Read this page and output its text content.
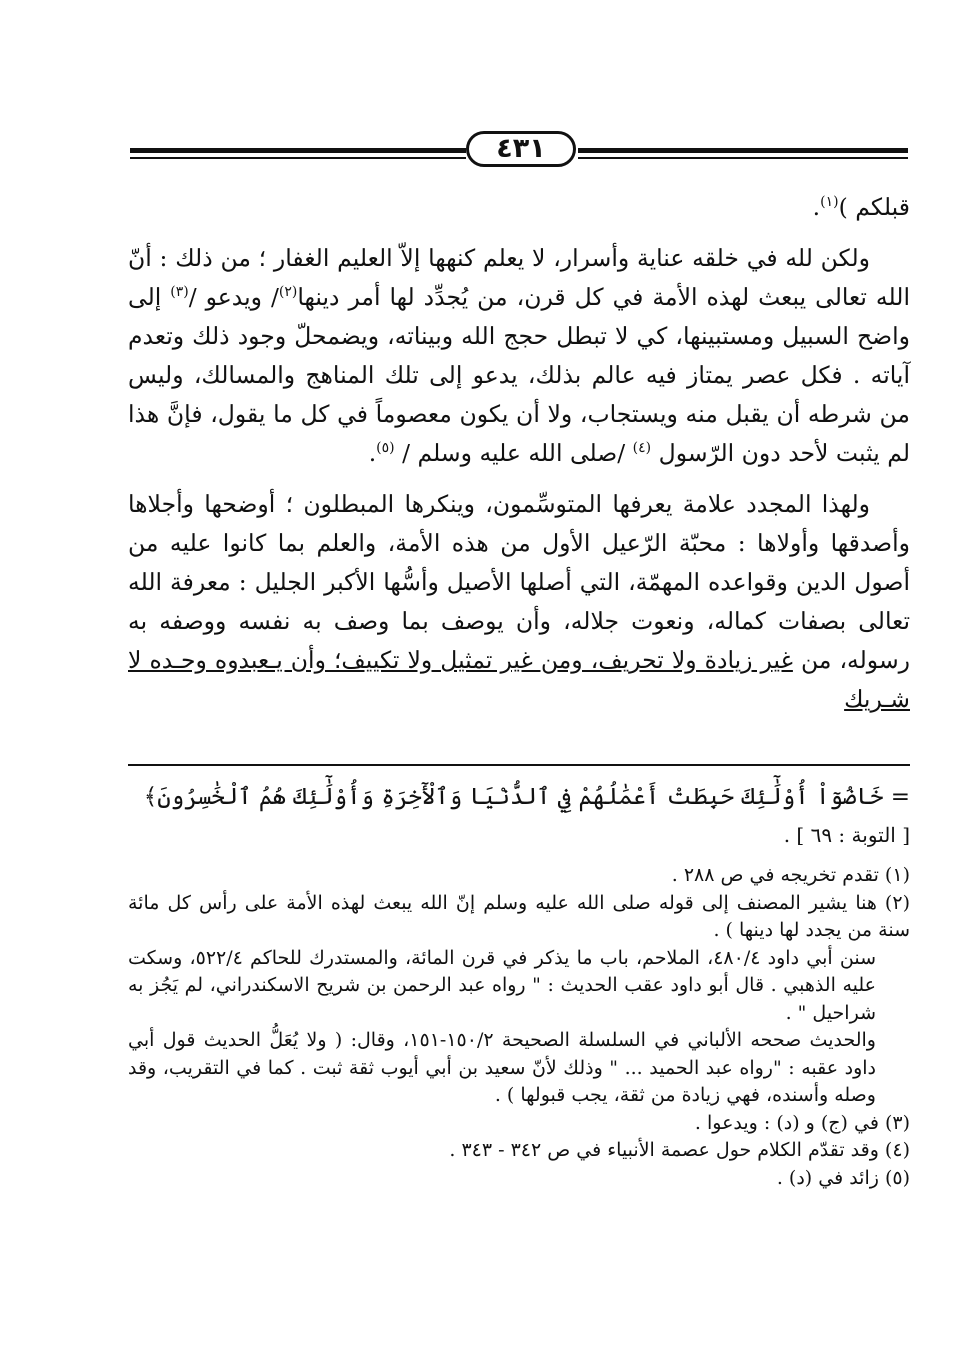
٤٣١

قبلكم )$^{(١)}$.

ولكن لله في خلقه عناية وأسرار، لا يعلم كنهها إلاّ العليم الغفار ؛ من ذلك : أنّ الله تعالى يبعث لهذه الأمة في كل قرن، من يُجدِّد لها أمر دينها$^{(٢)}$/ ويدعو /$^{(٣)}$ إلى واضح السبيل ومستبينها، كي لا تبطل حجج الله وبيناته، ويضمحلّ وجود ذلك وتعدم آياته . فكل عصر يمتاز فيه عالم بذلك، يدعو إلى تلك المناهج والمسالك، وليس من شرطه أن يقبل منه ويستجاب، ولا أن يكون معصوماً في كل ما يقول، فإنَّ هذا لم يثبت لأحد دون الرّسول $^{(٤)}$ /صلى الله عليه وسلم / $^{(٥)}$.

ولهذا المجدد علامة يعرفها المتوسِّمون، وينكرها المبطلون ؛ أوضحها وأجلاها وأصدقها وأولاها : محبّة الرّعيل الأول من هذه الأمة، والعلم بما كانوا عليه من أصول الدين وقواعده المهمّة، التي أصلها الأصيل وأسُّها الأكبر الجليل : معرفة الله تعالى بصفات كماله، ونعوت جلاله، وأن يوصف بما وصف به نفسه ووصفه به رسوله، من غير زيادة ولا تحريف، ومن غير تمثيل ولا تكييف؛ وأن يـعبدوه وحـده لا شـريك

= خَاضُوٓاْ أُوْلَٰٓئِكَ حَبِطَتْ أَعْمَٰلُهُمْ فِي ٱلدُّنْيَا وَٱلْأٓخِرَةِ وَأُوْلَٰٓئِكَ هُمُ ٱلْخَٰسِرُونَ﴾
[ التوبة : ٦٩ ] .

(١) تقدم تخريجه في ص ٢٨٨ .

(٢) هنا يشير المصنف إلى قوله صلى الله عليه وسلم إنّ الله يبعث لهذه الأمة على رأس كل مائة سنة من يجدد لها دينها ) .

سنن أبي داود ٤٨٠/٤، الملاحم، باب ما يذكر في قرن المائة، والمستدرك للحاكم ٥٢٢/٤، وسكت عليه الذهبي . قال أبو داود عقب الحديث : " رواه عبد الرحمن بن شريح الاسكندراني، لم يَجُز به شراحيل " .

والحديث صححه الألباني في السلسلة الصحيحة ١٥٠/٢-١٥١، وقال: ( ولا يُعَلُّ الحديث قول أبي داود عقبه : "رواه عبد الحميد ... " وذلك لأنّ سعيد بن أبي أيوب ثقة ثبت . كما في التقريب، وقد وصله وأسنده، فهي زيادة من ثقة، يجب قبولها ) .

(٣) في (ج) و (د) : ويدعوا .

(٤) وقد تقدّم الكلام حول عصمة الأنبياء في ص ٣٤٢ - ٣٤٣ .

(٥) زائد في (د) .
